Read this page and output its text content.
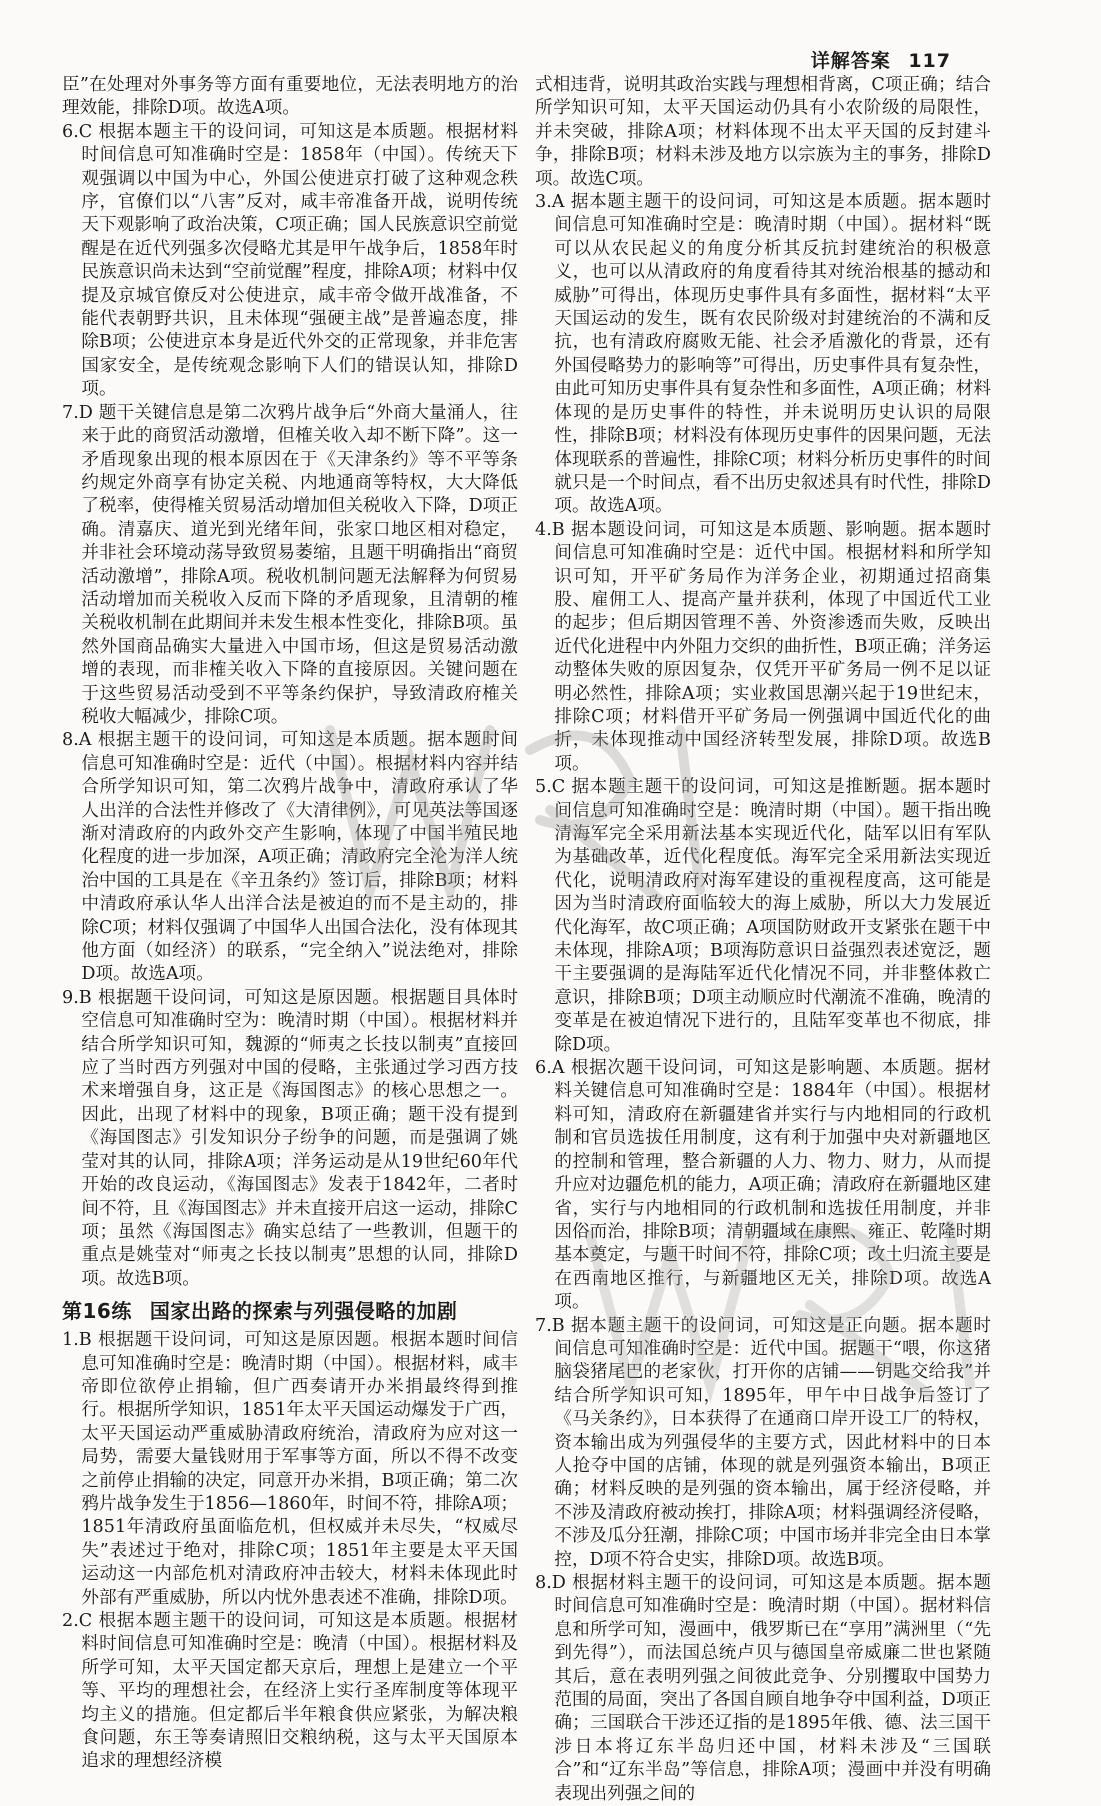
详解答案 117

臣”在处理对外事务等方面有重要地位，无法表明地方的治理效能，排除D项。故选A项。

6.C 根据本题主干的设问词，可知这是本质题。根据材料时间信息可知准确时空是：1858年（中国）。传统天下观强调以中国为中心，外国公使进京打破了这种观念秩序，官僚们以“八害”反对，咸丰帝准备开战，说明传统天下观影响了政治决策，C项正确；国人民族意识空前觉醒是在近代列强多次侵略尤其是甲午战争后，1858年时民族意识尚未达到“空前觉醒”程度，排除A项；材料中仅提及京城官僚反对公使进京，咸丰帝令做开战准备，不能代表朝野共识，且未体现“强硬主战”是普遍态度，排除B项；公使进京本身是近代外交的正常现象，并非危害国家安全，是传统观念影响下人们的错误认知，排除D项。

7.D 题干关键信息是第二次鸦片战争后“外商大量涌人，往来于此的商贸活动激增，但榷关收入却不断下降”。这一矛盾现象出现的根本原因在于《天津条约》等不平等条约规定外商享有协定关税、内地通商等特权，大大降低了税率，使得榷关贸易活动增加但关税收入下降，D项正确。清嘉庆、道光到光绪年间，张家口地区相对稳定，并非社会环境动荡导致贸易萎缩，且题干明确指出“商贸活动激增”，排除A项。税收机制问题无法解释为何贸易活动增加而关税收入反而下降的矛盾现象，且清朝的榷关税收机制在此期间并未发生根本性变化，排除B项。虽然外国商品确实大量进入中国市场，但这是贸易活动激增的表现，而非榷关收入下降的直接原因。关键问题在于这些贸易活动受到不平等条约保护，导致清政府榷关税收大幅减少，排除C项。

8.A 根据主题干的设问词，可知这是本质题。据本题时间信息可知准确时空是：近代（中国）。根据材料内容并结合所学知识可知，第二次鸦片战争中，清政府承认了华人出洋的合法性并修改了《大清律例》，可见英法等国逐渐对清政府的内政外交产生影响，体现了中国半殖民地化程度的进一步加深，A项正确；清政府完全沦为洋人统治中国的工具是在《辛丑条约》签订后，排除B项；材料中清政府承认华人出洋合法是被迫的而不是主动的，排除C项；材料仅强调了中国华人出国合法化，没有体现其他方面（如经济）的联系，“完全纳入”说法绝对，排除D项。故选A项。

9.B 根据题干设问词，可知这是原因题。根据题目具体时空信息可知准确时空为：晚清时期（中国）。根据材料并结合所学知识可知，魏源的“师夷之长技以制夷”直接回应了当时西方列强对中国的侵略，主张通过学习西方技术来增强自身，这正是《海国图志》的核心思想之一。因此，出现了材料中的现象，B项正确；题干没有提到《海国图志》引发知识分子纷争的问题，而是强调了姚莹对其的认同，排除A项；洋务运动是从19世纪60年代开始的改良运动，《海国图志》发表于1842年，二者时间不符，且《海国图志》并未直接开启这一运动，排除C项；虽然《海国图志》确实总结了一些教训，但题干的重点是姚莹对“师夷之长技以制夷”思想的认同，排除D项。故选B项。

第16练 国家出路的探索与列强侵略的加剧

1.B 根据题干设问词，可知这是原因题。根据本题时间信息可知准确时空是：晚清时期（中国）。根据材料，咸丰帝即位欲停止捐输，但广西奏请开办米捐最终得到推行。根据所学知识，1851年太平天国运动爆发于广西，太平天国运动严重威胁清政府统治，清政府为应对这一局势，需要大量钱财用于军事等方面，所以不得不改变之前停止捐输的决定，同意开办米捐，B项正确；第二次鸦片战争发生于1856—1860年，时间不符，排除A项；1851年清政府虽面临危机，但权威并未尽失，“权威尽失”表述过于绝对，排除C项；1851年主要是太平天国运动这一内部危机对清政府冲击较大，材料未体现此时外部有严重威胁，所以内忧外患表述不准确，排除D项。

2.C 根据本题主题干的设问词，可知这是本质题。根据材料时间信息可知准确时空是：晚清（中国）。根据材料及所学可知，太平天国定都天京后，理想上是建立一个平等、平均的理想社会，在经济上实行圣库制度等体现平均主义的措施。但定都后半年粮食供应紧张，为解决粮食问题，东王等奏请照旧交粮纳税，这与太平天国原本追求的理想经济模

式相违背，说明其政治实践与理想相背离，C项正确；结合所学知识可知，太平天国运动仍具有小农阶级的局限性，并未突破，排除A项；材料体现不出太平天国的反封建斗争，排除B项；材料未涉及地方以宗族为主的事务，排除D项。故选C项。

3.A 据本题主题干的设问词，可知这是本质题。据本题时间信息可知准确时空是：晚清时期（中国）。据材料“既可以从农民起义的角度分析其反抗封建统治的积极意义，也可以从清政府的角度看待其对统治根基的撼动和威胁”可得出，体现历史事件具有多面性，据材料“太平天国运动的发生，既有农民阶级对封建统治的不满和反抗，也有清政府腐败无能、社会矛盾激化的背景，还有外国侵略势力的影响等”可得出，历史事件具有复杂性，由此可知历史事件具有复杂性和多面性，A项正确；材料体现的是历史事件的特性，并未说明历史认识的局限性，排除B项；材料没有体现历史事件的因果问题，无法体现联系的普遍性，排除C项；材料分析历史事件的时间就只是一个时间点，看不出历史叙述具有时代性，排除D项。故选A项。

4.B 据本题设问词，可知这是本质题、影响题。据本题时间信息可知准确时空是：近代中国。根据材料和所学知识可知，开平矿务局作为洋务企业，初期通过招商集股、雇佣工人、提高产量并获利，体现了中国近代工业的起步；但后期因管理不善、外资渗透而失败，反映出近代化进程中内外阻力交织的曲折性，B项正确；洋务运动整体失败的原因复杂，仅凭开平矿务局一例不足以证明必然性，排除A项；实业救国思潮兴起于19世纪末，排除C项；材料借开平矿务局一例强调中国近代化的曲折，未体现推动中国经济转型发展，排除D项。故选B项。

5.C 据本题主题干的设问词，可知这是推断题。据本题时间信息可知准确时空是：晚清时期（中国）。题干指出晚清海军完全采用新法基本实现近代化，陆军以旧有军队为基础改革，近代化程度低。海军完全采用新法实现近代化，说明清政府对海军建设的重视程度高，这可能是因为当时清政府面临较大的海上威胁，所以大力发展近代化海军，故C项正确；A项国防财政开支紧张在题干中未体现，排除A项；B项海防意识日益强烈表述宽泛，题干主要强调的是海陆军近代化情况不同，并非整体救亡意识，排除B项；D项主动顺应时代潮流不准确，晚清的变革是在被迫情况下进行的，且陆军变革也不彻底，排除D项。

6.A 根据次题干设问词，可知这是影响题、本质题。据材料关键信息可知准确时空是：1884年（中国）。根据材料可知，清政府在新疆建省并实行与内地相同的行政机制和官员选拔任用制度，这有利于加强中央对新疆地区的控制和管理，整合新疆的人力、物力、财力，从而提升应对边疆危机的能力，A项正确；清政府在新疆地区建省，实行与内地相同的行政机制和选拔任用制度，并非因俗而治，排除B项；清朝疆域在康熙、雍正、乾隆时期基本奠定，与题干时间不符，排除C项；改土归流主要是在西南地区推行，与新疆地区无关，排除D项。故选A项。

7.B 据本题主题干的设问词，可知这是正向题。据本题时间信息可知准确时空是：近代中国。据题干“喂，你这猪脑袋猪尾巴的老家伙，打开你的店铺——钥匙交给我”并结合所学知识可知，1895年，甲午中日战争后签订了《马关条约》，日本获得了在通商口岸开设工厂的特权，资本输出成为列强侵华的主要方式，因此材料中的日本人抢夺中国的店铺，体现的就是列强资本输出，B项正确；材料反映的是列强的资本输出，属于经济侵略，并不涉及清政府被动挨打，排除A项；材料强调经济侵略，不涉及瓜分狂潮，排除C项；中国市场并非完全由日本掌控，D项不符合史实，排除D项。故选B项。

8.D 根据材料主题干的设问词，可知这是本质题。据本题时间信息可知准确时空是：晚清时期（中国）。据材料信息和所学可知，漫画中，俄罗斯已在“享用”满洲里（“先到先得”），而法国总统卢贝与德国皇帝威廉二世也紧随其后，意在表明列强之间彼此竞争、分别攫取中国势力范围的局面，突出了各国自顾自地争夺中国利益，D项正确；三国联合干涉还辽指的是1895年俄、德、法三国干涉日本将辽东半岛归还中国，材料未涉及“三国联合”和“辽东半岛”等信息，排除A项；漫画中并没有明确表现出列强之间的
